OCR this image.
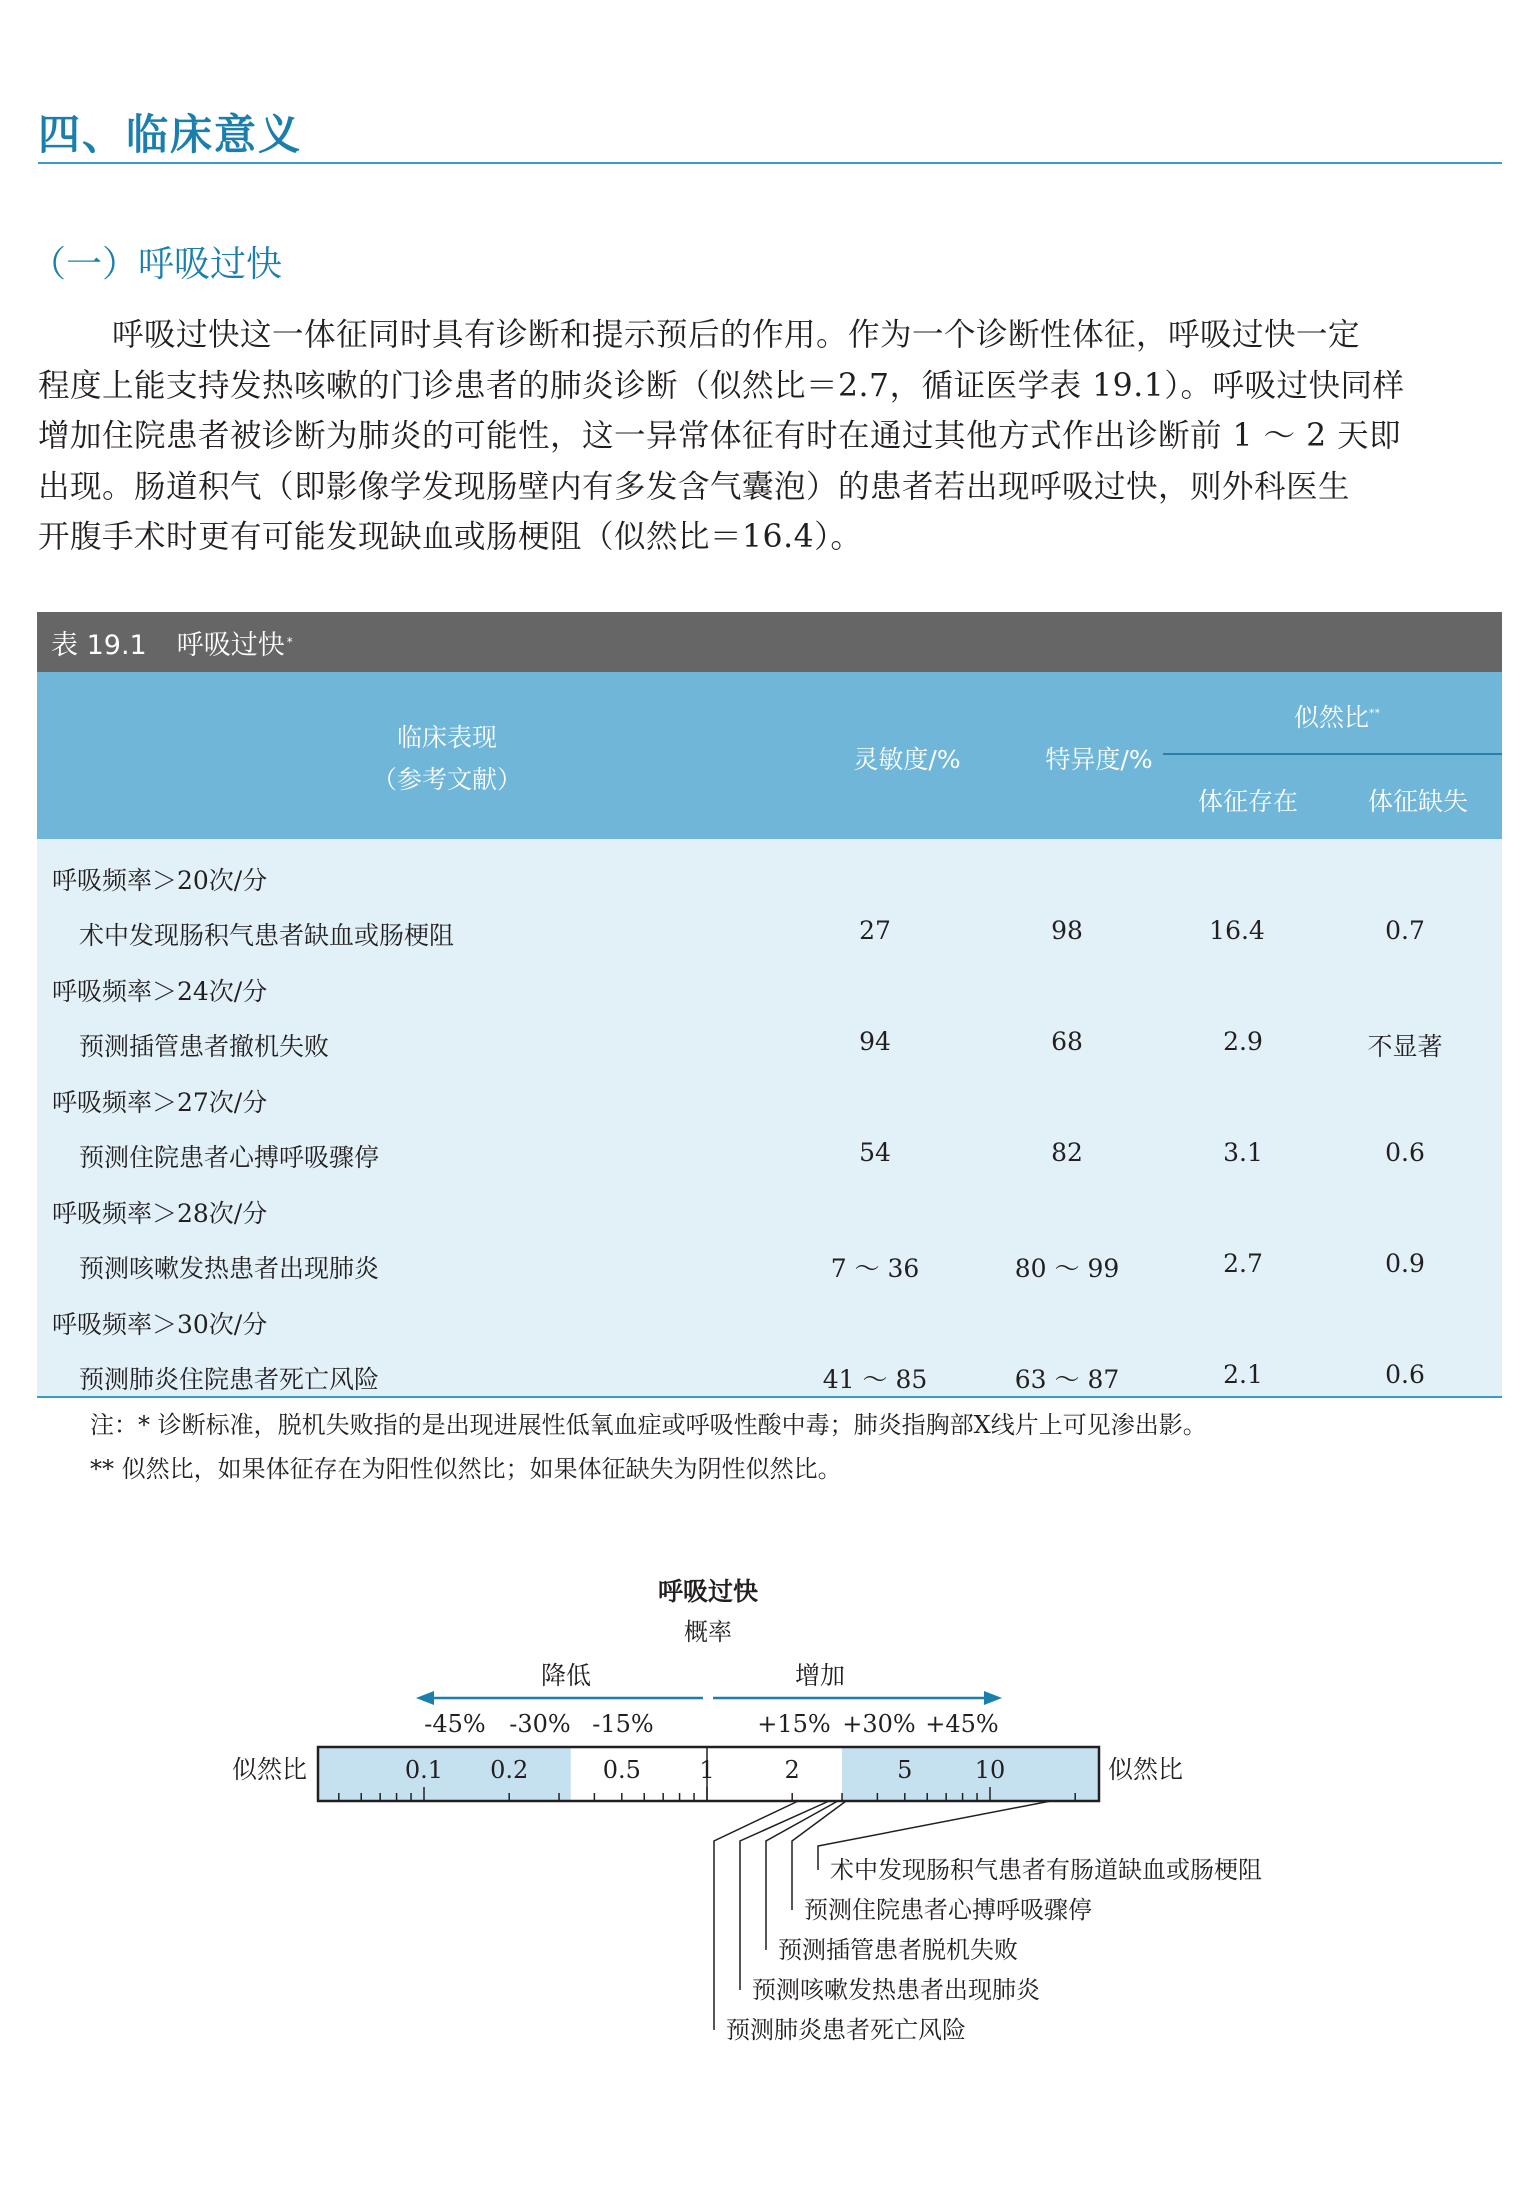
四、临床意义
（一）呼吸过快
呼吸过快这一体征同时具有诊断和提示预后的作用。作为一个诊断性体征，呼吸过快一定
程度上能支持发热咳嗽的门诊患者的肺炎诊断（似然比＝2.7，循证医学表 19.1）。呼吸过快同样
增加住院患者被诊断为肺炎的可能性，这一异常体征有时在通过其他方式作出诊断前 1 ～ 2 天即
出现。肠道积气（即影像学发现肠壁内有多发含气囊泡）的患者若出现呼吸过快，则外科医生
开腹手术时更有可能发现缺血或肠梗阻（似然比＝16.4）。
表 19.1 呼吸过快 *
临床表现
（参考文献）
灵敏度/%	特异度/%
似然比**
体征存在	体征缺失
呼吸频率＞20次/分
术中发现肠积气患者缺血或肠梗阻	27	98	16.4	0.7
呼吸频率＞24次/分
预测插管患者撤机失败	94	68	2.9	不显著
呼吸频率＞27次/分
预测住院患者心搏呼吸骤停	54	82	3.1	0.6
呼吸频率＞28次/分
预测咳嗽发热患者出现肺炎	7 ～ 36	80 ～ 99	2.7	0.9
呼吸频率＞30次/分
预测肺炎住院患者死亡风险	41 ～ 85	63 ～ 87	2.1	0.6
注：* 诊断标准，脱机失败指的是出现进展性低氧血症或呼吸性酸中毒；肺炎指胸部X线片上可见渗出影。
** 似然比，如果体征存在为阳性似然比；如果体征缺失为阴性似然比。
呼吸过快
概率
降低	增加
-45% -30% -15%	+15% +30% +45%
似然比	似然比
0.1 0.2	0.5 1	2	5	10
术中发现肠积气患者有肠道缺血或肠梗阻
预测住院患者心搏呼吸骤停
预测插管患者脱机失败
预测咳嗽发热患者出现肺炎
预测肺炎患者死亡风险
